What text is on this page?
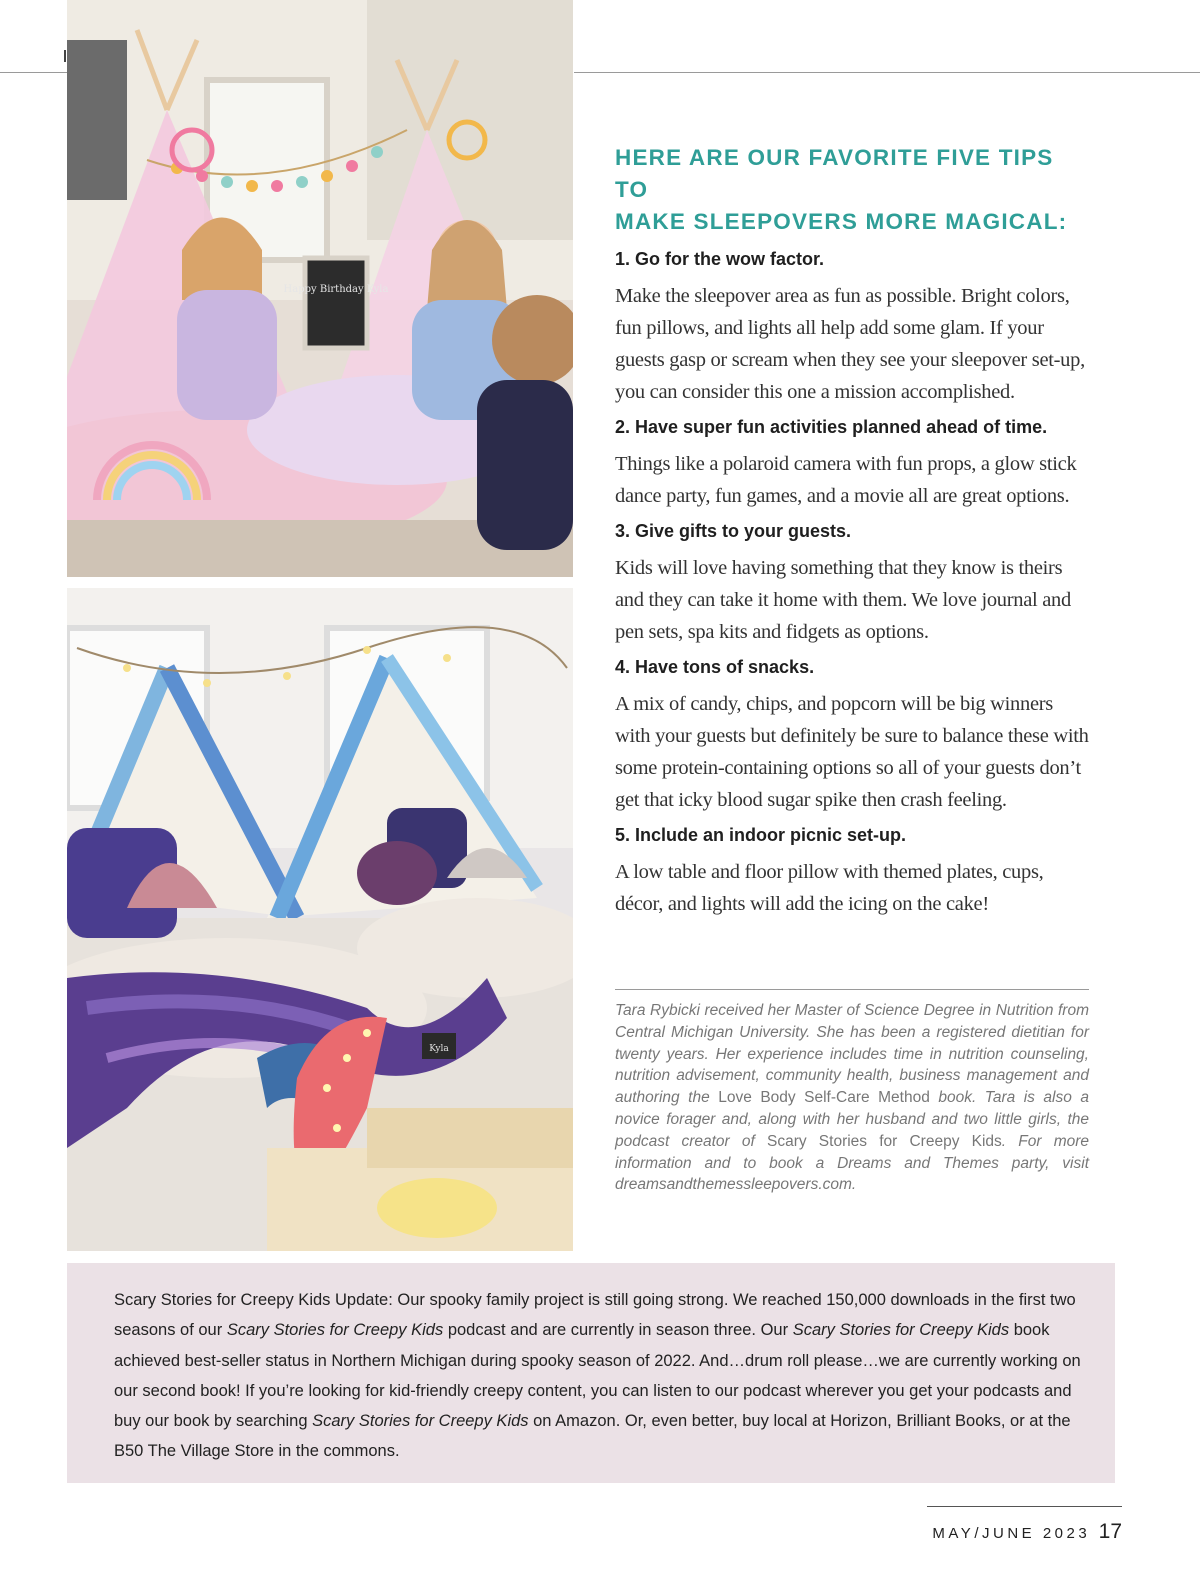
Happy Birthday Kyla
Kyla
HERE ARE OUR FAVORITE FIVE TIPS TO
MAKE SLEEPOVERS MORE MAGICAL:

1. Go for the wow factor.

Make the sleepover area as fun as possible. Bright colors, fun pillows, and lights all help add some glam. If your guests gasp or scream when they see your sleepover set-up, you can consider this one a mission accomplished.

2. Have super fun activities planned ahead of time.

Things like a polaroid camera with fun props, a glow stick dance party, fun games, and a movie all are great options.

3. Give gifts to your guests.

Kids will love having something that they know is theirs and they can take it home with them. We love journal and pen sets, spa kits and fidgets as options.

4. Have tons of snacks.

A mix of candy, chips, and popcorn will be big winners with your guests but definitely be sure to balance these with some protein-containing options so all of your guests don’t get that icky blood sugar spike then crash feeling.

5. Include an indoor picnic set-up.

A low table and floor pillow with themed plates, cups, décor, and lights will add the icing on the cake!

Tara Rybicki received her Master of Science Degree in Nutrition from Central Michigan University. She has been a registered dietitian for twenty years. Her experience includes time in nutrition counseling, nutrition advisement, community health, business management and authoring the Love Body Self-Care Method book. Tara is also a novice forager and, along with her husband and two little girls, the podcast creator of Scary Stories for Creepy Kids. For more information and to book a Dreams and Themes party, visit dreamsandthemessleepovers.com.

Scary Stories for Creepy Kids Update: Our spooky family project is still going strong. We reached 150,000 downloads in the first two seasons of our Scary Stories for Creepy Kids podcast and are currently in season three. Our Scary Stories for Creepy Kids book achieved best-seller status in Northern Michigan during spooky season of 2022. And…drum roll please…we are currently working on our second book! If you’re looking for kid-friendly creepy content, you can listen to our podcast wherever you get your podcasts and buy our book by searching Scary Stories for Creepy Kids on Amazon. Or, even better, buy local at Horizon, Brilliant Books, or at the B50 The Village Store in the commons.

MAY/JUNE 2023 17
